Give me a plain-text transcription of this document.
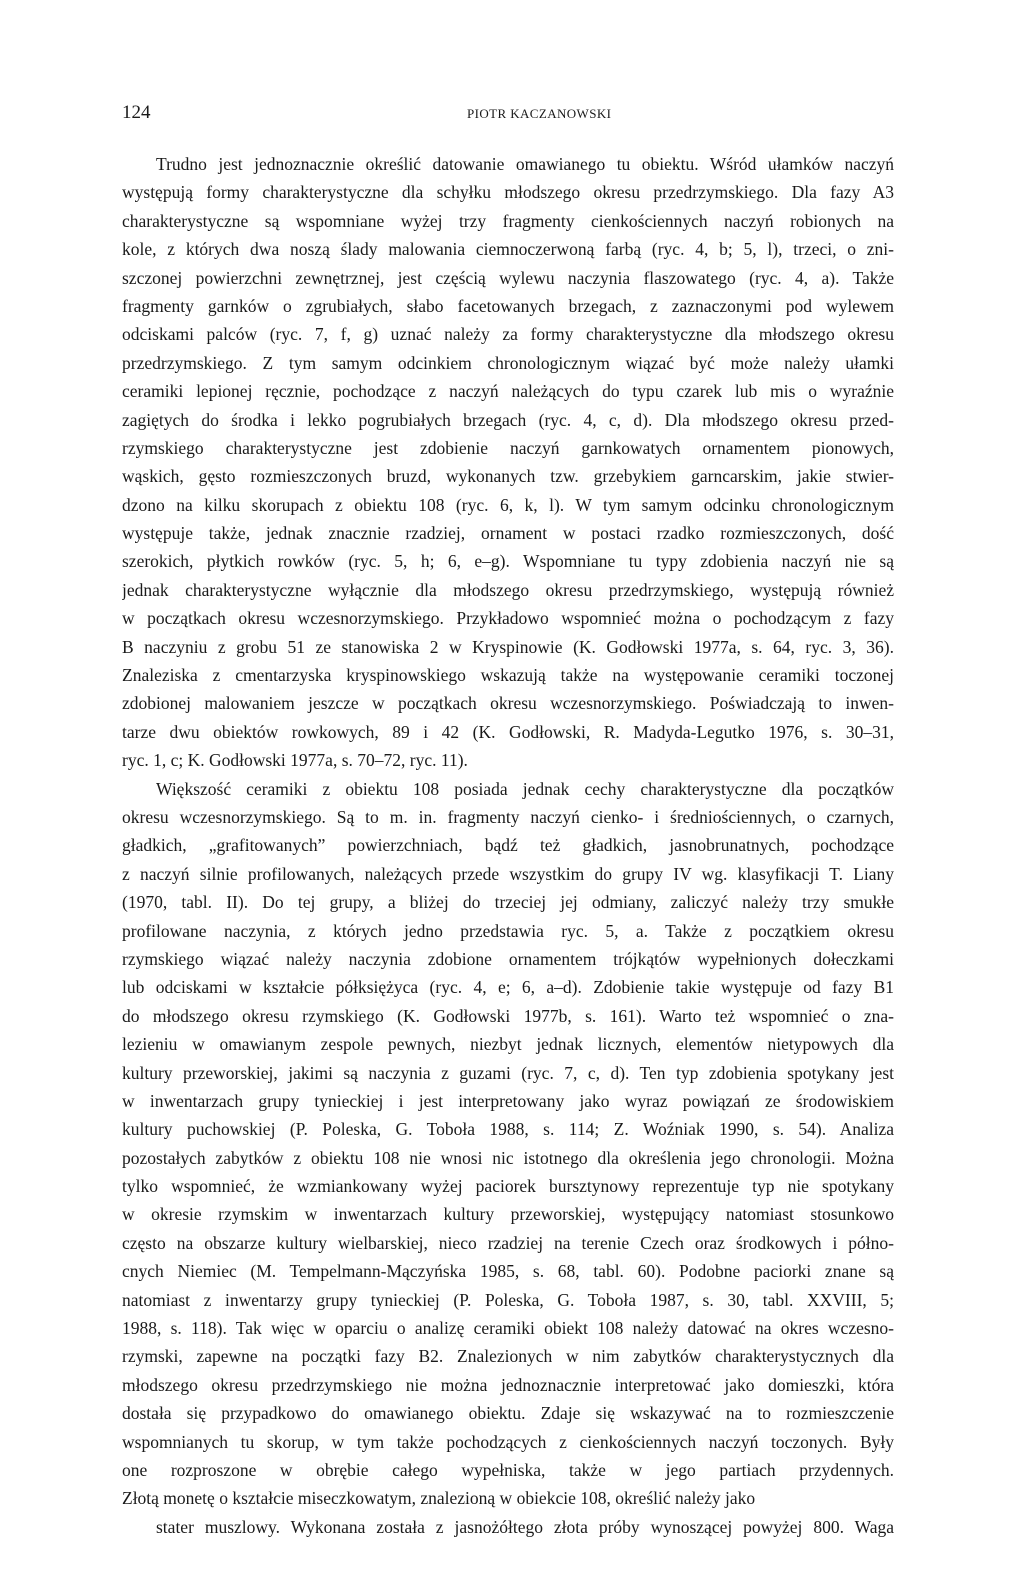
124	PIOTR KACZANOWSKI
Trudno jest jednoznacznie określić datowanie omawianego tu obiektu. Wśród ułamków naczyń
występują formy charakterystyczne dla schyłku młodszego okresu przedrzymskiego. Dla fazy A3
charakterystyczne są wspomniane wyżej trzy fragmenty cienkościennych naczyń robionych na
kole, z których dwa noszą ślady malowania ciemnoczerwoną farbą (ryc. 4, b; 5, l), trzeci, o zni-
szczonej powierzchni zewnętrznej, jest częścią wylewu naczynia flaszowatego (ryc. 4, a). Także
fragmenty garnków o zgrubiałych, słabo facetowanych brzegach, z zaznaczonymi pod wylewem
odciskami palców (ryc. 7, f, g) uznać należy za formy charakterystyczne dla młodszego okresu
przedrzymskiego. Z tym samym odcinkiem chronologicznym wiązać być może należy ułamki
ceramiki lepionej ręcznie, pochodzące z naczyń należących do typu czarek lub mis o wyraźnie
zagiętych do środka i lekko pogrubiałych brzegach (ryc. 4, c, d). Dla młodszego okresu przed-
rzymskiego charakterystyczne jest zdobienie naczyń garnkowatych ornamentem pionowych,
wąskich, gęsto rozmieszczonych bruzd, wykonanych tzw. grzebykiem garncarskim, jakie stwier-
dzono na kilku skorupach z obiektu 108 (ryc. 6, k, l). W tym samym odcinku chronologicznym
występuje także, jednak znacznie rzadziej, ornament w postaci rzadko rozmieszczonych, dość
szerokich, płytkich rowków (ryc. 5, h; 6, e–g). Wspomniane tu typy zdobienia naczyń nie są
jednak charakterystyczne wyłącznie dla młodszego okresu przedrzymskiego, występują również
w początkach okresu wczesnorzymskiego. Przykładowo wspomnieć można o pochodzącym z fazy
B naczyniu z grobu 51 ze stanowiska 2 w Kryspinowie (K. Godłowski 1977a, s. 64, ryc. 3, 36).
Znaleziska z cmentarzyska kryspinowskiego wskazują także na występowanie ceramiki toczonej
zdobionej malowaniem jeszcze w początkach okresu wczesnorzymskiego. Poświadczają to inwen-
tarze dwu obiektów rowkowych, 89 i 42 (K. Godłowski, R. Madyda-Legutko 1976, s. 30–31,
ryc. 1, c; K. Godłowski 1977a, s. 70–72, ryc. 11).
Większość ceramiki z obiektu 108 posiada jednak cechy charakterystyczne dla początków
okresu wczesnorzymskiego. Są to m. in. fragmenty naczyń cienko- i średniościennych, o czarnych,
gładkich, „grafitowanych” powierzchniach, bądź też gładkich, jasnobrunatnych, pochodzące
z naczyń silnie profilowanych, należących przede wszystkim do grupy IV wg. klasyfikacji T. Liany
(1970, tabl. II). Do tej grupy, a bliżej do trzeciej jej odmiany, zaliczyć należy trzy smukłe
profilowane naczynia, z których jedno przedstawia ryc. 5, a. Także z początkiem okresu
rzymskiego wiązać należy naczynia zdobione ornamentem trójkątów wypełnionych dołeczkami
lub odciskami w kształcie półksiężyca (ryc. 4, e; 6, a–d). Zdobienie takie występuje od fazy B1
do młodszego okresu rzymskiego (K. Godłowski 1977b, s. 161). Warto też wspomnieć o zna-
lezieniu w omawianym zespole pewnych, niezbyt jednak licznych, elementów nietypowych dla
kultury przeworskiej, jakimi są naczynia z guzami (ryc. 7, c, d). Ten typ zdobienia spotykany jest
w inwentarzach grupy tynieckiej i jest interpretowany jako wyraz powiązań ze środowiskiem
kultury puchowskiej (P. Poleska, G. Toboła 1988, s. 114; Z. Woźniak 1990, s. 54). Analiza
pozostałych zabytków z obiektu 108 nie wnosi nic istotnego dla określenia jego chronologii. Można
tylko wspomnieć, że wzmiankowany wyżej paciorek bursztynowy reprezentuje typ nie spotykany
w okresie rzymskim w inwentarzach kultury przeworskiej, występujący natomiast stosunkowo
często na obszarze kultury wielbarskiej, nieco rzadziej na terenie Czech oraz środkowych i półno-
cnych Niemiec (M. Tempelmann-Mączyńska 1985, s. 68, tabl. 60). Podobne paciorki znane są
natomiast z inwentarzy grupy tynieckiej (P. Poleska, G. Toboła 1987, s. 30, tabl. XXVIII, 5;
1988, s. 118). Tak więc w oparciu o analizę ceramiki obiekt 108 należy datować na okres wczesno-
rzymski, zapewne na początki fazy B2. Znalezionych w nim zabytków charakterystycznych dla
młodszego okresu przedrzymskiego nie można jednoznacznie interpretować jako domieszki, która
dostała się przypadkowo do omawianego obiektu. Zdaje się wskazywać na to rozmieszczenie
wspomnianych tu skorup, w tym także pochodzących z cienkościennych naczyń toczonych. Były
one rozproszone w obrębie całego wypełniska, także w jego partiach przydennych.
Złotą monetę o kształcie miseczkowatym, znalezioną w obiekcie 108, określić należy jako
stater muszlowy. Wykonana została z jasnożółtego złota próby wynoszącej powyżej 800. Waga
